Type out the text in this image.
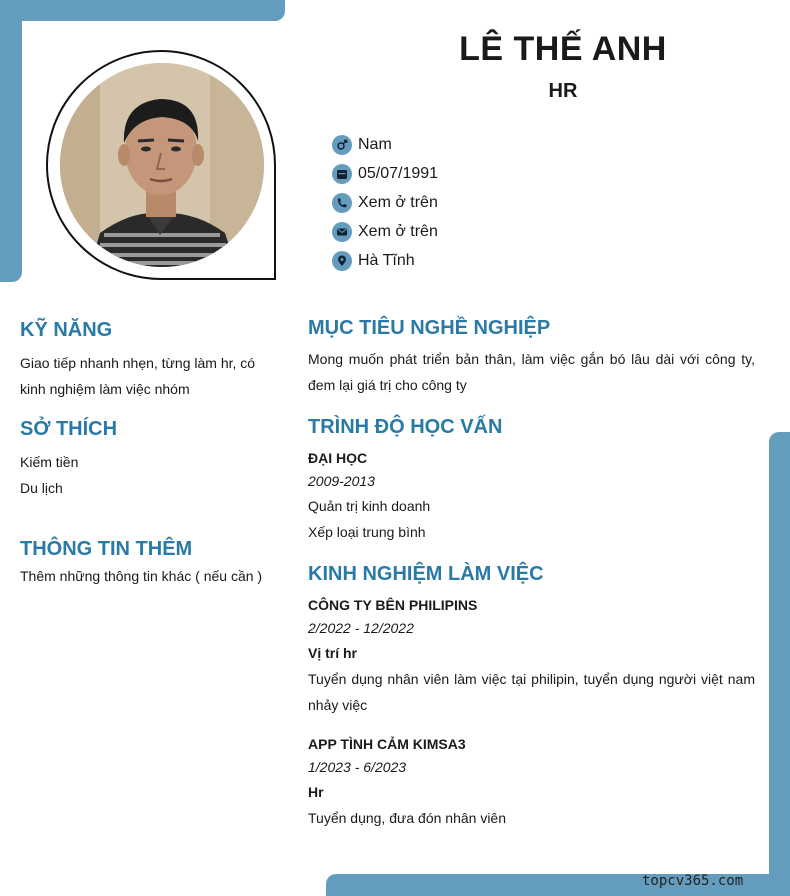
LÊ THẾ ANH
HR
Nam
05/07/1991
Xem ở trên
Xem ở trên
Hà Tĩnh
KỸ NĂNG
Giao tiếp nhanh nhẹn, từng làm hr, có kinh nghiệm làm việc nhóm
SỞ THÍCH
Kiếm tiền
Du lịch
THÔNG TIN THÊM
Thêm những thông tin khác ( nếu cần )
MỤC TIÊU NGHỀ NGHIỆP
Mong muốn phát triển bản thân, làm việc gắn bó lâu dài với công ty, đem lại giá trị cho công ty
TRÌNH ĐỘ HỌC VẤN
ĐẠI HỌC
2009-2013
Quản trị kinh doanh
Xếp loại trung bình
KINH NGHIỆM LÀM VIỆC
CÔNG TY BÊN PHILIPINS
2/2022 - 12/2022
Vị trí hr
Tuyển dụng nhân viên làm việc tại philipin, tuyển dụng người việt nam nhảy việc
APP TÌNH CẢM KIMSA3
1/2023 - 6/2023
Hr
Tuyển dụng, đưa đón nhân viên
topcv365.com
